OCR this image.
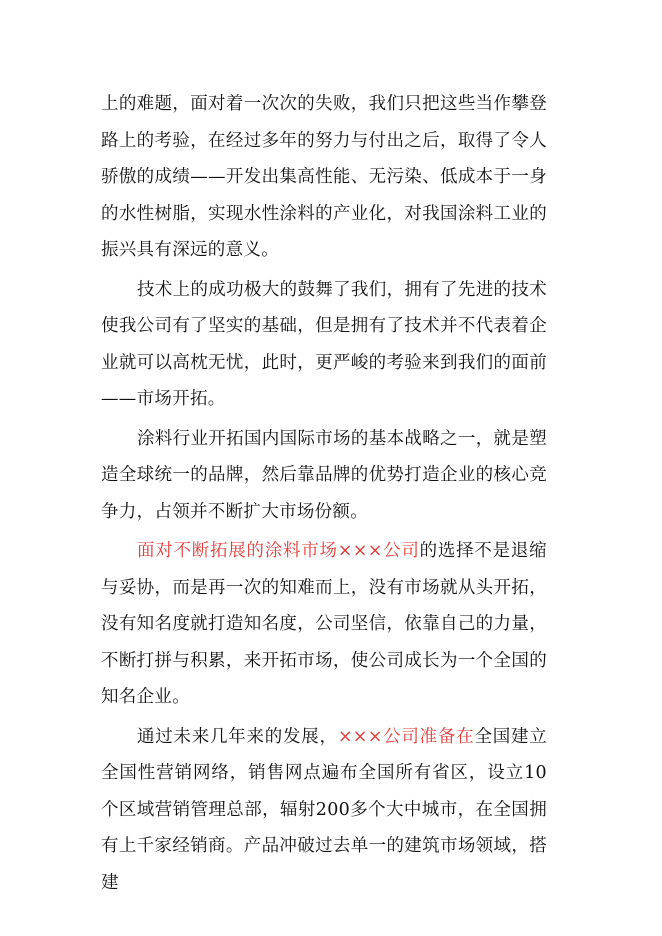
上的难题，面对着一次次的失败，我们只把这些当作攀登路上的考验，在经过多年的努力与付出之后，取得了令人骄傲的成绩——开发出集高性能、无污染、低成本于一身的水性树脂，实现水性涂料的产业化，对我国涂料工业的振兴具有深远的意义。

技术上的成功极大的鼓舞了我们，拥有了先进的技术使我公司有了坚实的基础，但是拥有了技术并不代表着企业就可以高枕无忧，此时，更严峻的考验来到我们的面前——市场开拓。

涂料行业开拓国内国际市场的基本战略之一，就是塑造全球统一的品牌，然后靠品牌的优势打造企业的核心竞争力，占领并不断扩大市场份额。

面对不断拓展的涂料市场×××公司的选择不是退缩与妥协，而是再一次的知难而上，没有市场就从头开拓，没有知名度就打造知名度，公司坚信，依靠自己的力量，不断打拼与积累，来开拓市场，使公司成长为一个全国的知名企业。

通过未来几年来的发展，×××公司准备在全国建立全国性营销网络，销售网点遍布全国所有省区，设立10个区域营销管理总部，辐射200多个大中城市，在全国拥有上千家经销商。产品冲破过去单一的建筑市场领域，搭建
